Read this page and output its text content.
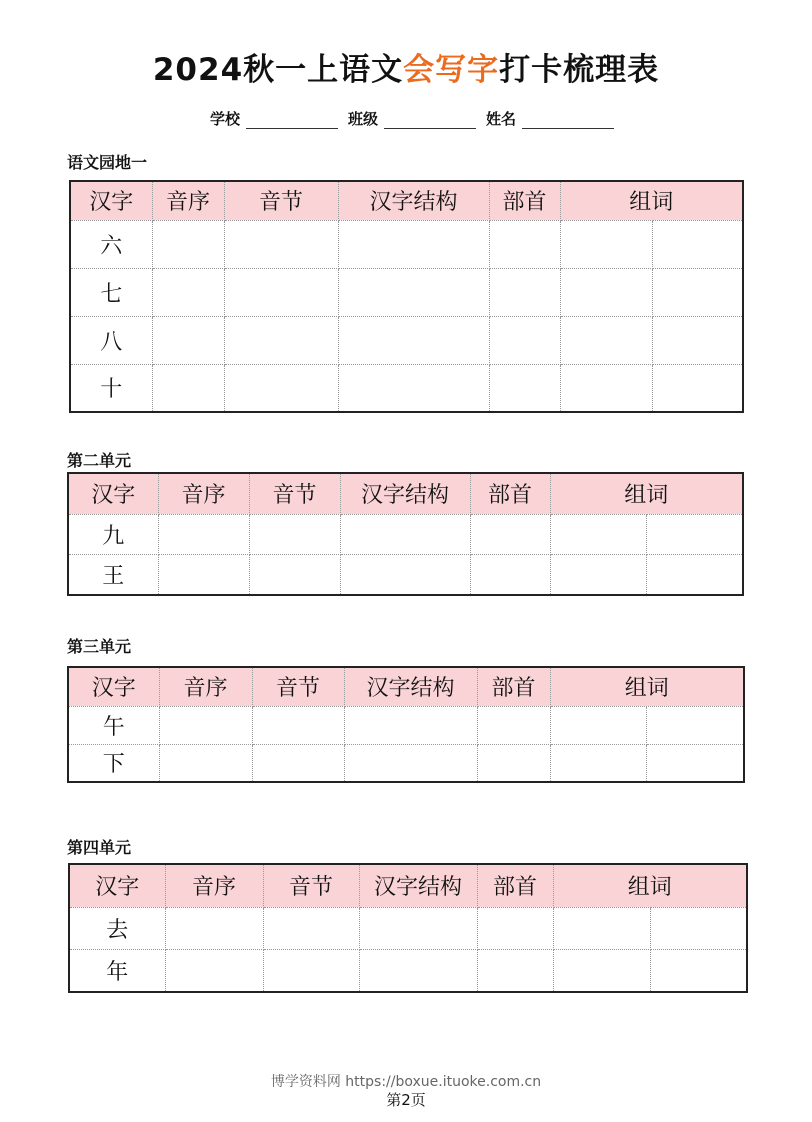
2024秋一上语文会写字打卡梳理表
学校	班级	姓名
语文园地一
汉字	音序	音节	汉字结构	部首	组词	
六						
七						
八						
十						
第二单元
汉字	音序	音节	汉字结构	部首	组词	
九						
王						
第三单元
汉字	音序	音节	汉字结构	部首	组词	
午						
下						
第四单元
汉字	音序	音节	汉字结构	部首	组词	
去						
年						
博学资料网 https://boxue.ituoke.com.cn
第2页
